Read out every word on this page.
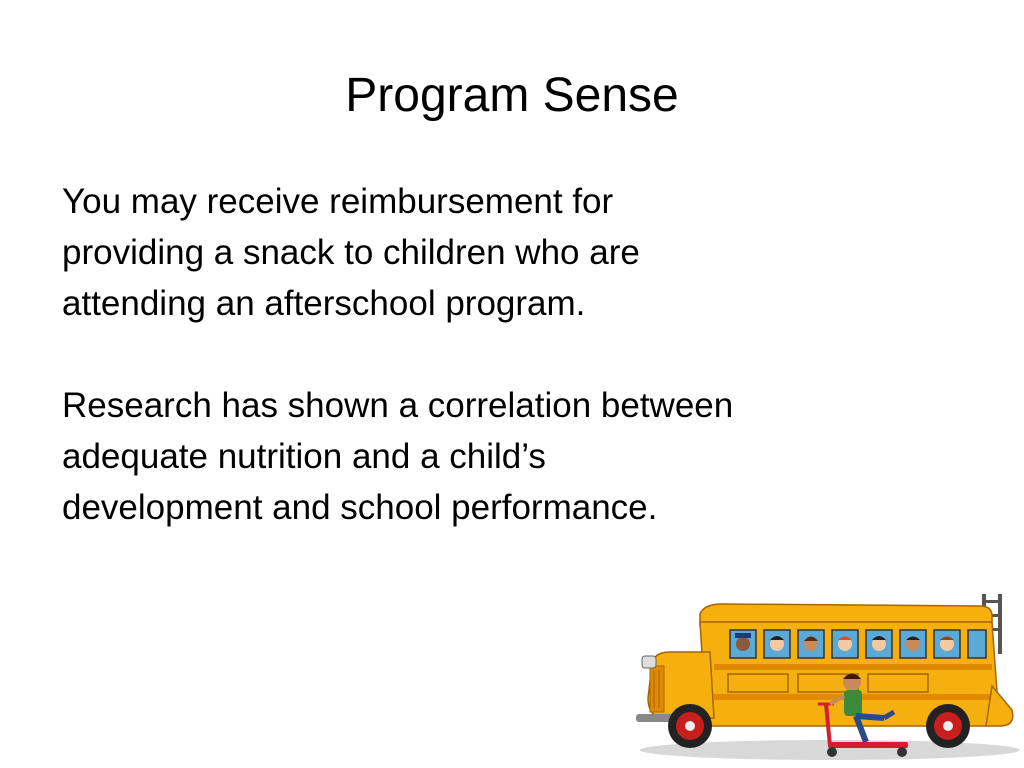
Program Sense

You may receive reimbursement for
providing a snack to children who are
attending an afterschool program.

Research has shown a correlation between
adequate nutrition and a child’s
development and school performance.
